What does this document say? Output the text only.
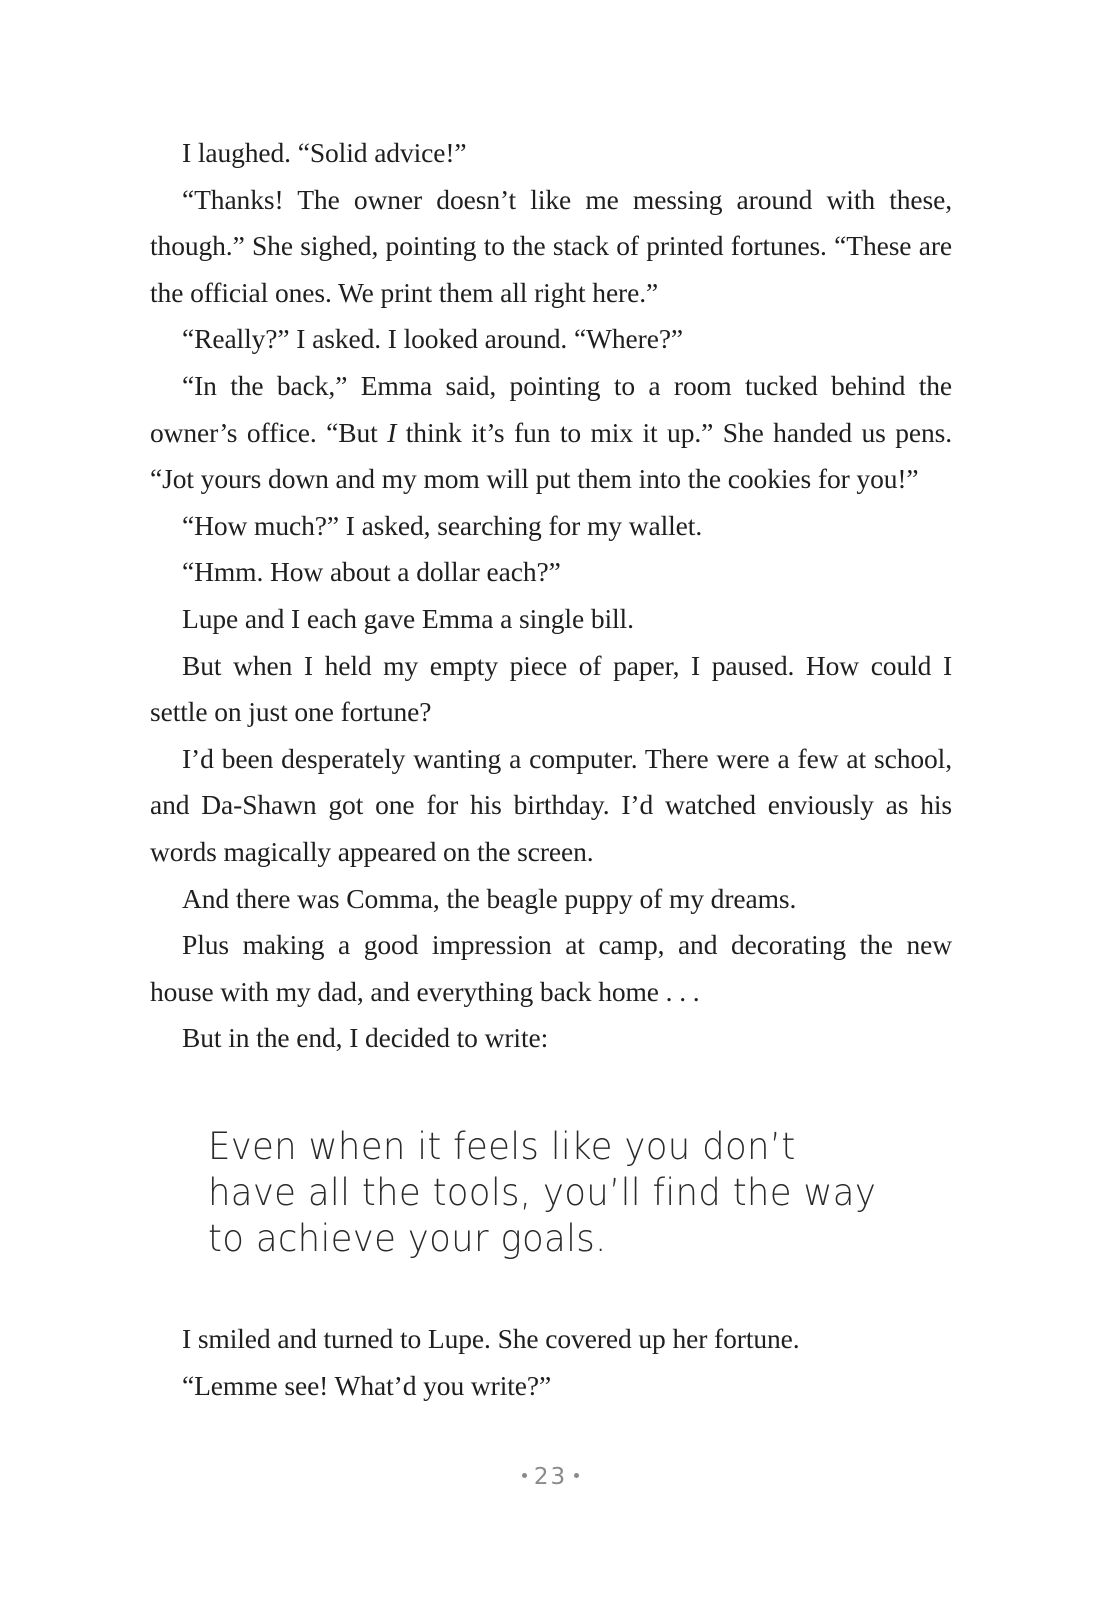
I laughed. “Solid advice!”

“Thanks! The owner doesn’t like me messing around with these, though.” She sighed, pointing to the stack of printed fortunes. “These are the official ones. We print them all right here.”

“Really?” I asked. I looked around. “Where?”

“In the back,” Emma said, pointing to a room tucked behind the owner’s office. “But I think it’s fun to mix it up.” She handed us pens. “Jot yours down and my mom will put them into the cookies for you!”

“How much?” I asked, searching for my wallet.

“Hmm. How about a dollar each?”

Lupe and I each gave Emma a single bill.

But when I held my empty piece of paper, I paused. How could I settle on just one fortune?

I’d been desperately wanting a computer. There were a few at school, and Da-Shawn got one for his birthday. I’d watched enviously as his words magically appeared on the screen.

And there was Comma, the beagle puppy of my dreams.

Plus making a good impression at camp, and decorating the new house with my dad, and everything back home . . .

But in the end, I decided to write:

Even when it feels like you don’t
have all the tools, you’ll find the way
to achieve your goals.

I smiled and turned to Lupe. She covered up her fortune.

“Lemme see! What’d you write?”

23
